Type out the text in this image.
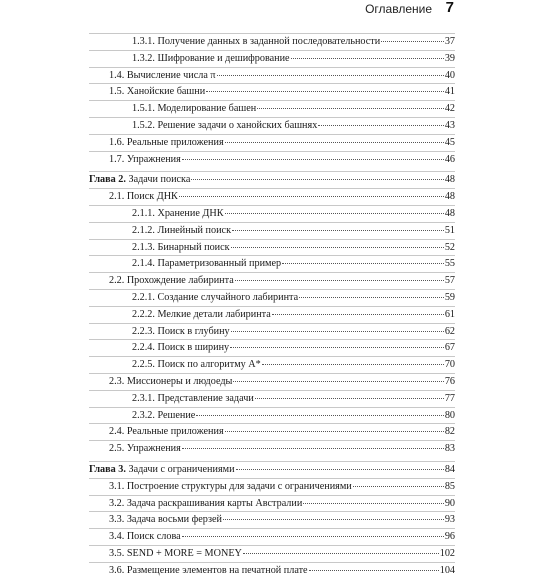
Оглавление 7
1.3.1. Получение данных в заданной последовательности	37
1.3.2. Шифрование и дешифрование	39
1.4. Вычисление числа π	40
1.5. Ханойские башни	41
1.5.1. Моделирование башен	42
1.5.2. Решение задачи о ханойских башнях	43
1.6. Реальные приложения	45
1.7. Упражнения	46
Глава 2. Задачи поиска	48
2.1. Поиск ДНК	48
2.1.1. Хранение ДНК	48
2.1.2. Линейный поиск	51
2.1.3. Бинарный поиск	52
2.1.4. Параметризованный пример	55
2.2. Прохождение лабиринта	57
2.2.1. Создание случайного лабиринта	59
2.2.2. Мелкие детали лабиринта	61
2.2.3. Поиск в глубину	62
2.2.4. Поиск в ширину	67
2.2.5. Поиск по алгоритму A*	70
2.3. Миссионеры и людоеды	76
2.3.1. Представление задачи	77
2.3.2. Решение	80
2.4. Реальные приложения	82
2.5. Упражнения	83
Глава 3. Задачи с ограничениями	84
3.1. Построение структуры для задачи с ограничениями	85
3.2. Задача раскрашивания карты Австралии	90
3.3. Задача восьми ферзей	93
3.4. Поиск слова	96
3.5. SEND + MORE = MONEY	102
3.6. Размещение элементов на печатной плате	104
